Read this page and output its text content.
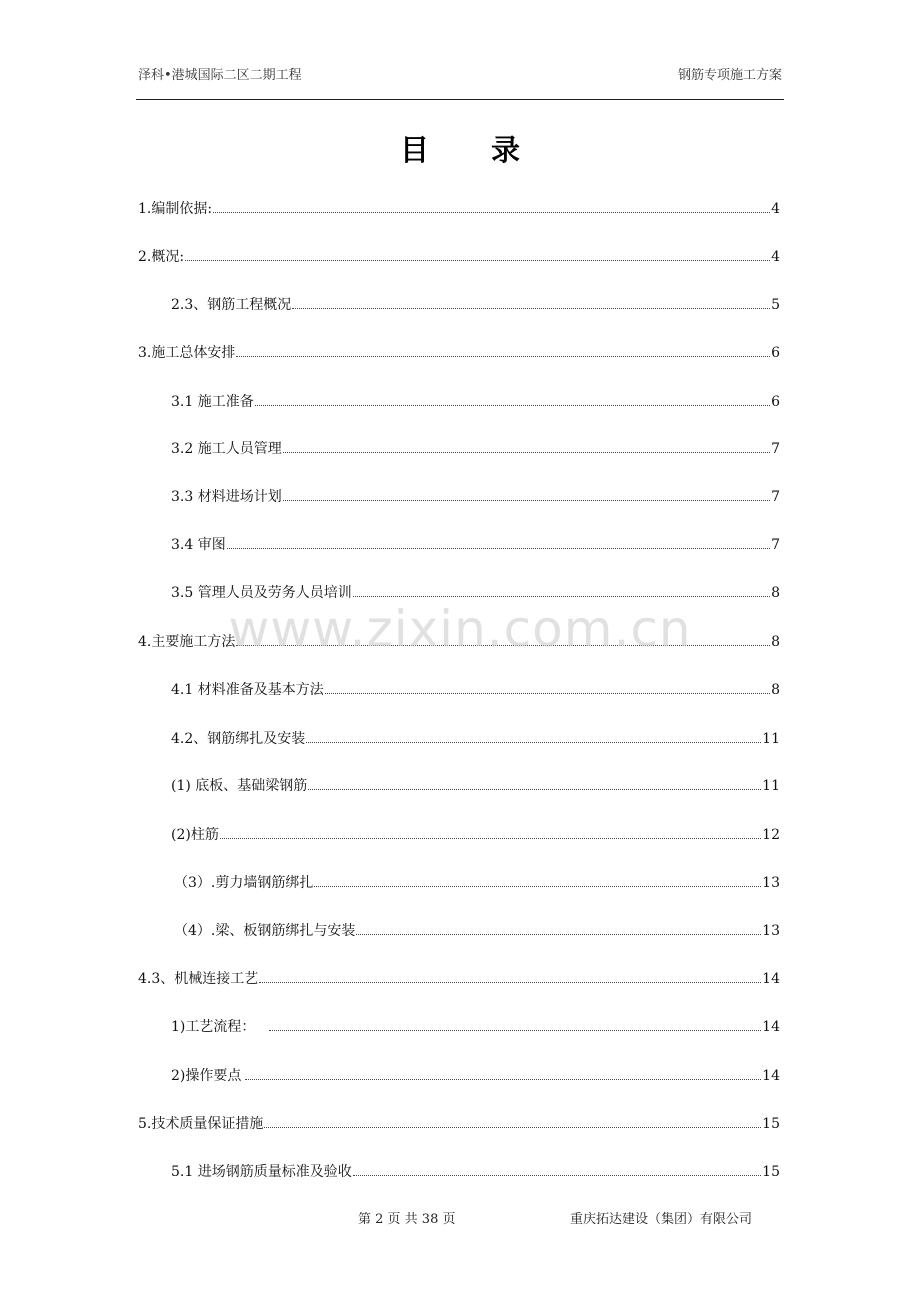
泽科•港城国际二区二期工程	钢筋专项施工方案
目录
1.编制依据:	4
2.概况:	4
2.3、钢筋工程概况	5
3.施工总体安排	6
3.1 施工准备	6
3.2 施工人员管理	7
3.3 材料进场计划	7
3.4 审图	7
3.5 管理人员及劳务人员培训	8
4.主要施工方法	8
4.1 材料准备及基本方法	8
4.2、钢筋绑扎及安装	11
(1) 底板、基础梁钢筋	11
(2)柱筋	12
（3）.剪力墙钢筋绑扎	13
（4）.梁、板钢筋绑扎与安装	13
4.3、机械连接工艺	14
1)工艺流程：	14
2)操作要点	14
5.技术质量保证措施	15
5.1 进场钢筋质量标准及验收	15
www.zixin.com.cn
第 2 页 共 38 页	重庆拓达建设（集团）有限公司
